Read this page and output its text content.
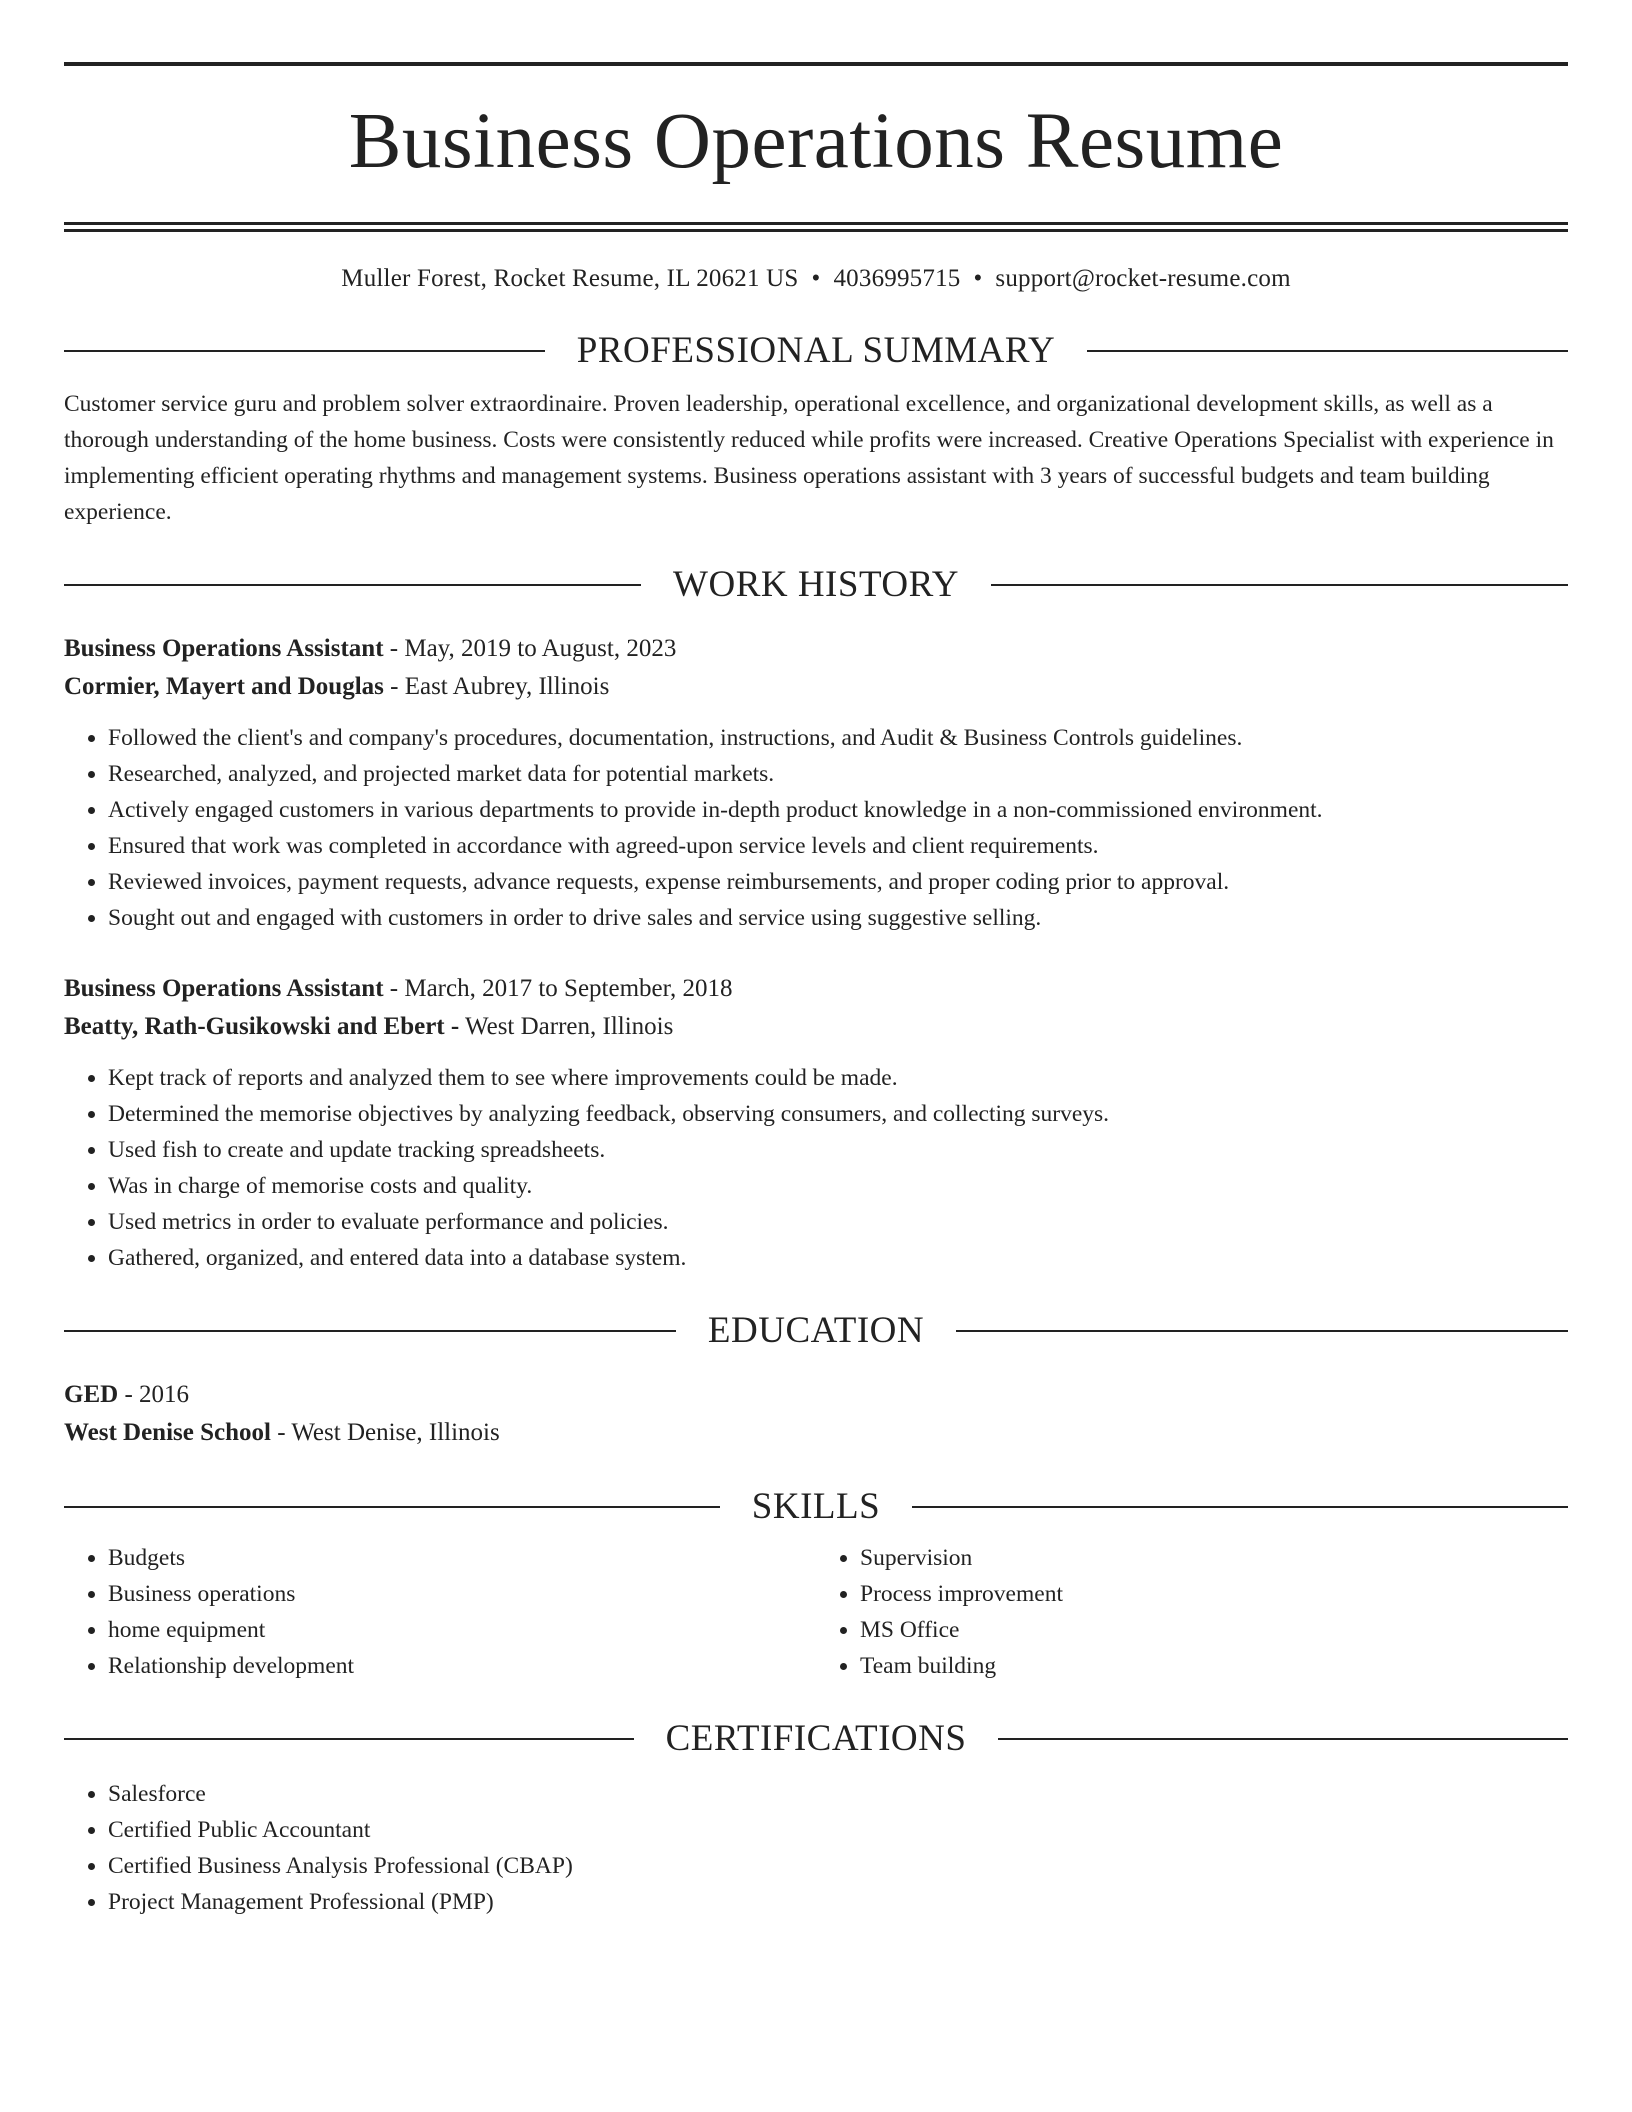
Business Operations Resume
Muller Forest, Rocket Resume, IL 20621 US • 4036995715 • support@rocket-resume.com
PROFESSIONAL SUMMARY

Customer service guru and problem solver extraordinaire. Proven leadership, operational excellence, and organizational development skills, as well as a thorough understanding of the home business. Costs were consistently reduced while profits were increased. Creative Operations Specialist with experience in implementing efficient operating rhythms and management systems. Business operations assistant with 3 years of successful budgets and team building experience.

WORK HISTORY
Business Operations Assistant - May, 2019 to August, 2023
Cormier, Mayert and Douglas - East Aubrey, Illinois
• Followed the client's and company's procedures, documentation, instructions, and Audit & Business Controls guidelines.
• Researched, analyzed, and projected market data for potential markets.
• Actively engaged customers in various departments to provide in-depth product knowledge in a non-commissioned environment.
• Ensured that work was completed in accordance with agreed-upon service levels and client requirements.
• Reviewed invoices, payment requests, advance requests, expense reimbursements, and proper coding prior to approval.
• Sought out and engaged with customers in order to drive sales and service using suggestive selling.
Business Operations Assistant - March, 2017 to September, 2018
Beatty, Rath-Gusikowski and Ebert - West Darren, Illinois
• Kept track of reports and analyzed them to see where improvements could be made.
• Determined the memorise objectives by analyzing feedback, observing consumers, and collecting surveys.
• Used fish to create and update tracking spreadsheets.
• Was in charge of memorise costs and quality.
• Used metrics in order to evaluate performance and policies.
• Gathered, organized, and entered data into a database system.
EDUCATION
GED - 2016
West Denise School - West Denise, Illinois
SKILLS
• Budgets
• Business operations
• home equipment
• Relationship development
• Supervision
• Process improvement
• MS Office
• Team building
CERTIFICATIONS
• Salesforce
• Certified Public Accountant
• Certified Business Analysis Professional (CBAP)
• Project Management Professional (PMP)
